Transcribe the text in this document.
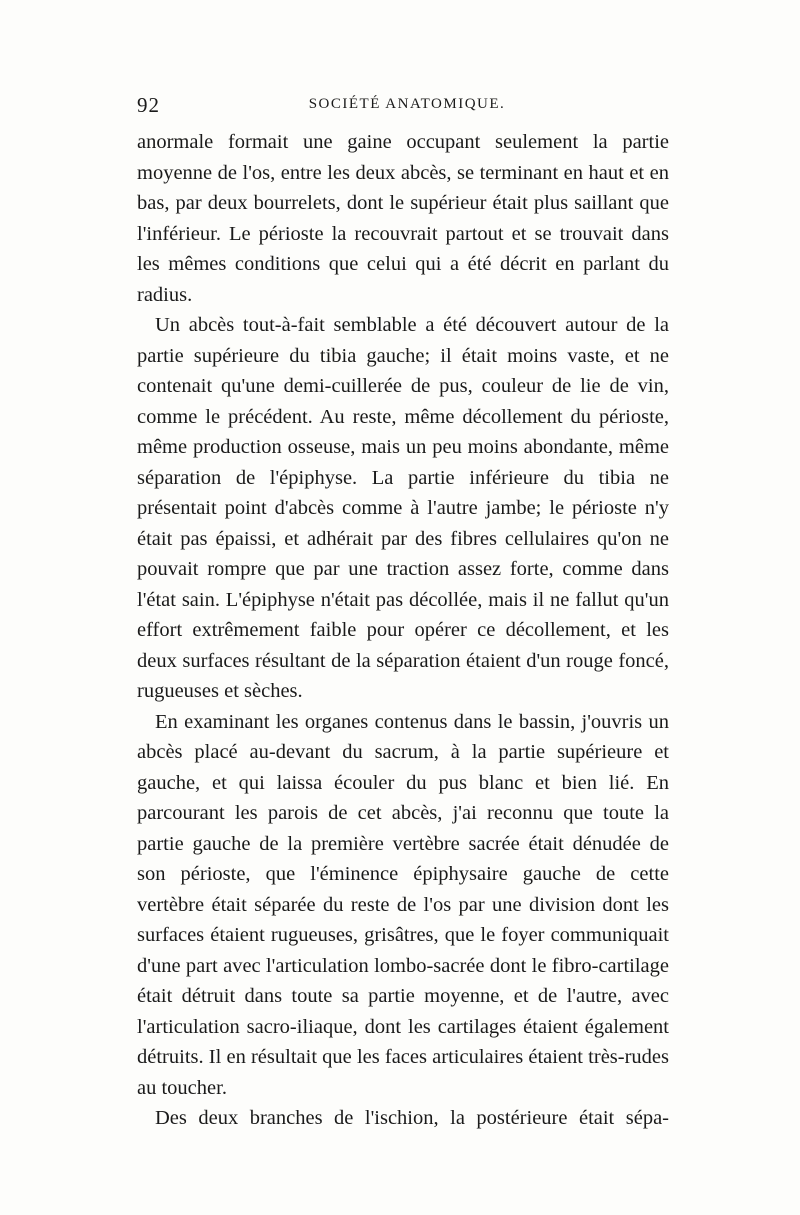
92	SOCIÉTÉ ANATOMIQUE.

anormale formait une gaine occupant seulement la partie moyenne de l'os, entre les deux abcès, se terminant en haut et en bas, par deux bourrelets, dont le supérieur était plus saillant que l'inférieur. Le périoste la recouvrait partout et se trouvait dans les mêmes conditions que celui qui a été décrit en parlant du radius.

Un abcès tout-à-fait semblable a été découvert autour de la partie supérieure du tibia gauche; il était moins vaste, et ne contenait qu'une demi-cuillerée de pus, couleur de lie de vin, comme le précédent. Au reste, même décollement du périoste, même production osseuse, mais un peu moins abondante, même séparation de l'épiphyse. La partie inférieure du tibia ne présentait point d'abcès comme à l'autre jambe; le périoste n'y était pas épaissi, et adhérait par des fibres cellulaires qu'on ne pouvait rompre que par une traction assez forte, comme dans l'état sain. L'épiphyse n'était pas décollée, mais il ne fallut qu'un effort extrêmement faible pour opérer ce décollement, et les deux surfaces résultant de la séparation étaient d'un rouge foncé, rugueuses et sèches.

En examinant les organes contenus dans le bassin, j'ouvris un abcès placé au-devant du sacrum, à la partie supérieure et gauche, et qui laissa écouler du pus blanc et bien lié. En parcourant les parois de cet abcès, j'ai reconnu que toute la partie gauche de la première vertèbre sacrée était dénudée de son périoste, que l'éminence épiphysaire gauche de cette vertèbre était séparée du reste de l'os par une division dont les surfaces étaient rugueuses, grisâtres, que le foyer communiquait d'une part avec l'articulation lombo-sacrée dont le fibro-cartilage était détruit dans toute sa partie moyenne, et de l'autre, avec l'articulation sacro-iliaque, dont les cartilages étaient également détruits. Il en résultait que les faces articulaires étaient très-rudes au toucher.

Des deux branches de l'ischion, la postérieure était sépa-
